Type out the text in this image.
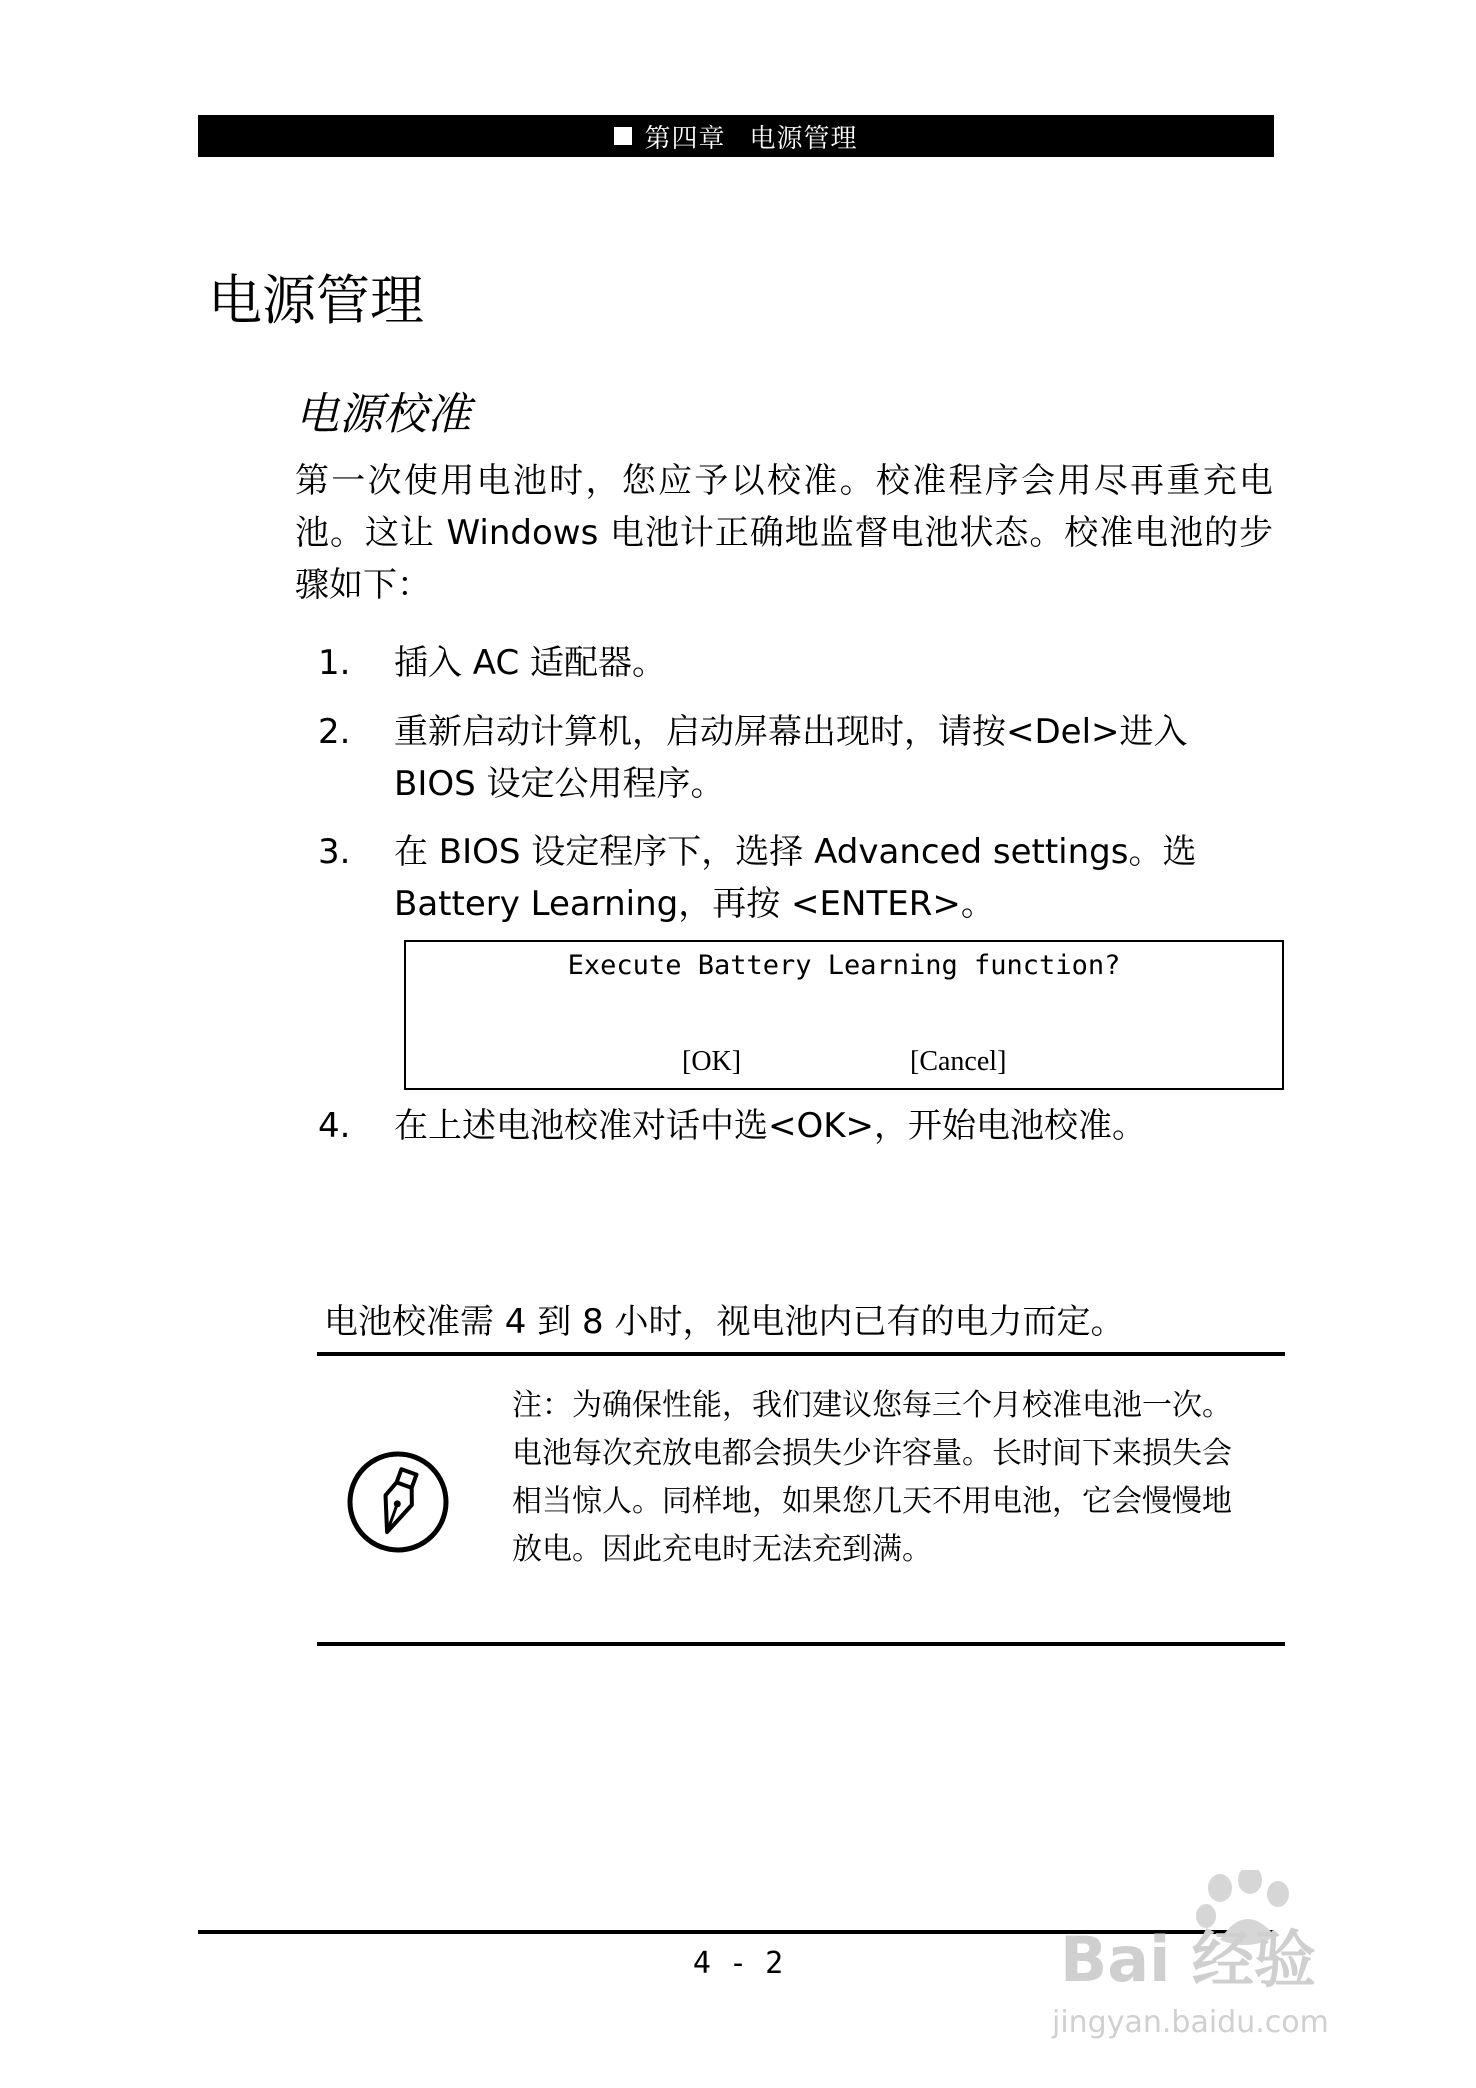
第四章 电源管理
电源管理
电源校准
第一次使用电池时，您应予以校准。校准程序会用尽再重充电池。这让 Windows 电池计正确地监督电池状态。校准电池的步骤如下：
1. 插入 AC 适配器。
2. 重新启动计算机，启动屏幕出现时，请按<Del>进入 BIOS 设定公用程序。
3. 在 BIOS 设定程序下，选择 Advanced settings。选 Battery Learning，再按 <ENTER>。
4. 在上述电池校准对话中选<OK>，开始电池校准。
Execute Battery Learning function?
[OK]	[Cancel]
电池校准需 4 到 8 小时，视电池内已有的电力而定。
注：为确保性能，我们建议您每三个月校准电池一次。电池每次充放电都会损失少许容量。长时间下来损失会相当惊人。同样地，如果您几天不用电池，它会慢慢地放电。因此充电时无法充到满。
4 - 2	Bai 经验
jingyan.baidu.com
